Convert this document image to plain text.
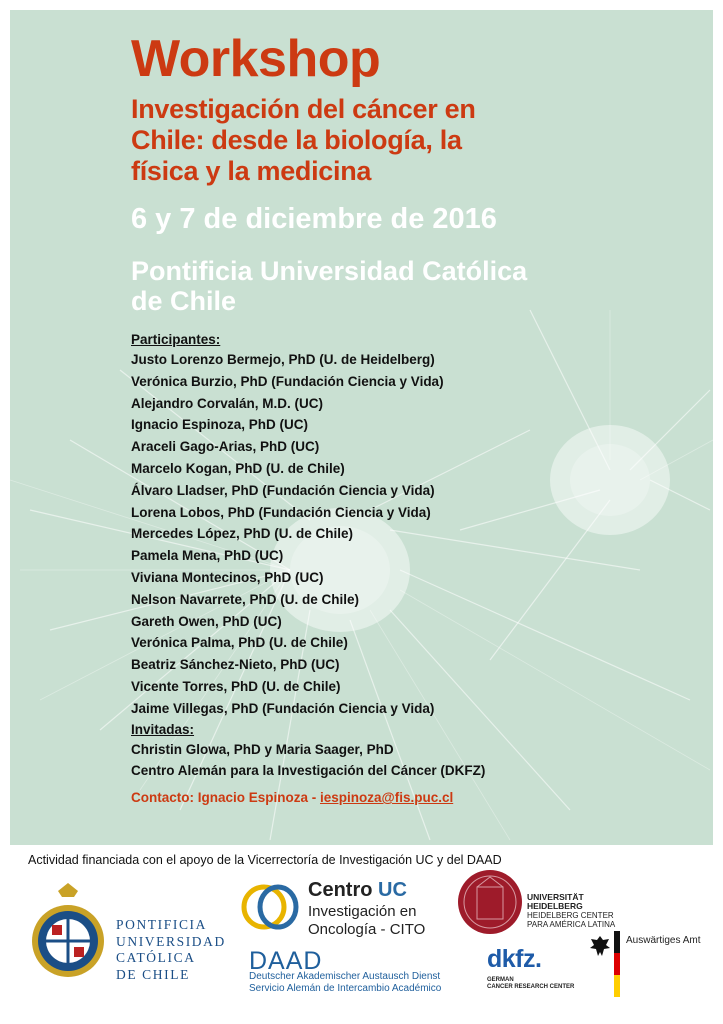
Workshop
Investigación del cáncer en
Chile: desde la biología, la
física y la medicina
6 y 7 de diciembre de 2016
Pontificia Universidad Católica
de Chile
Participantes:
Justo Lorenzo Bermejo, PhD (U. de Heidelberg)
Verónica Burzio, PhD (Fundación Ciencia y Vida)
Alejandro Corvalán, M.D. (UC)
Ignacio Espinoza, PhD (UC)
Araceli Gago-Arias, PhD (UC)
Marcelo Kogan, PhD (U. de Chile)
Álvaro Lladser, PhD (Fundación Ciencia y Vida)
Lorena Lobos, PhD (Fundación Ciencia y Vida)
Mercedes López, PhD (U. de Chile)
Pamela Mena, PhD (UC)
Viviana Montecinos, PhD (UC)
Nelson Navarrete, PhD (U. de Chile)
Gareth Owen, PhD (UC)
Verónica Palma, PhD (U. de Chile)
Beatriz Sánchez-Nieto, PhD (UC)
Vicente Torres, PhD (U. de Chile)
Jaime Villegas, PhD (Fundación Ciencia y Vida)
Invitadas:
Christin Glowa, PhD y Maria Saager, PhD
Centro Alemán para la Investigación del Cáncer (DKFZ)
Contacto: Ignacio Espinoza - iespinoza@fis.puc.cl
Actividad financiada con el apoyo de la Vicerrectoría de Investigación UC y del DAAD
PONTIFICIA
UNIVERSIDAD
CATÓLICA
DE CHILE
Centro UC
Investigación en
Oncología - CITO
UNIVERSITÄT
HEIDELBERG
HEIDELBERG CENTER
PARA AMÉRICA LATINA
DAAD
Deutscher Akademischer Austausch Dienst
Servicio Alemán de Intercambio Académico
dkfz.
GERMAN
CANCER RESEARCH CENTER
Auswärtiges Amt
